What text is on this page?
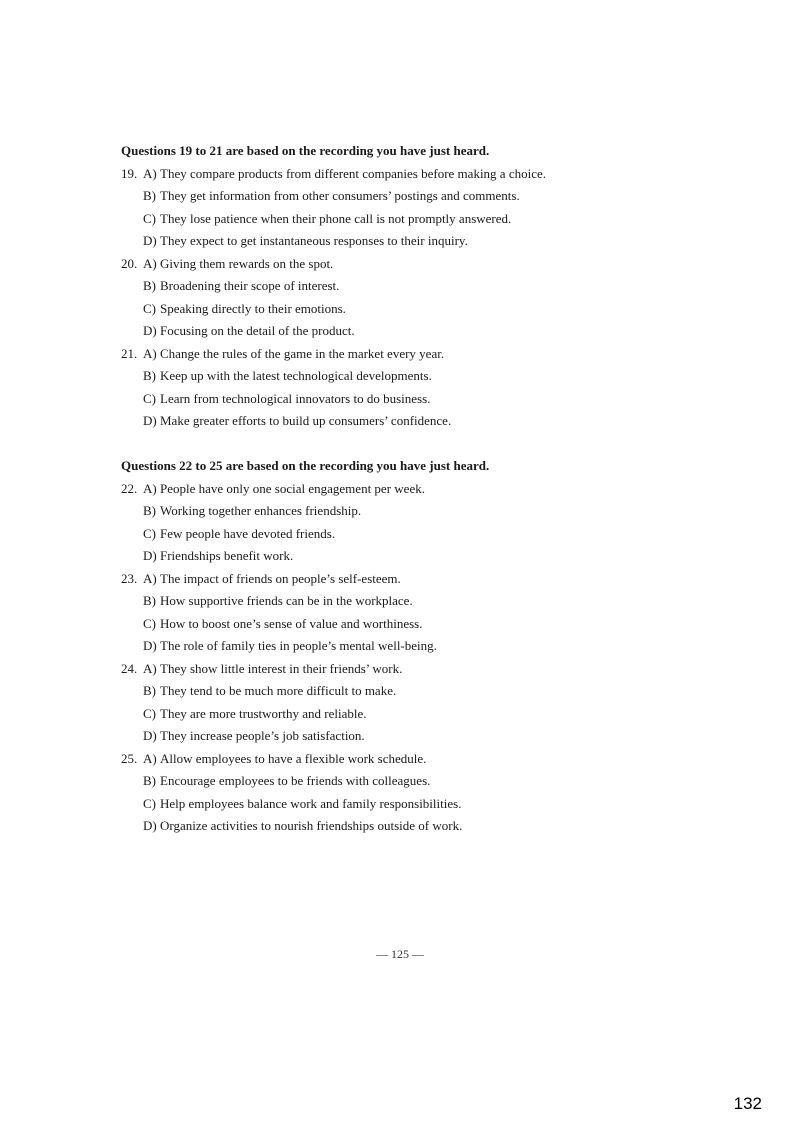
Questions 19 to 21 are based on the recording you have just heard.
19. A) They compare products from different companies before making a choice.
B) They get information from other consumers’ postings and comments.
C) They lose patience when their phone call is not promptly answered.
D) They expect to get instantaneous responses to their inquiry.
20. A) Giving them rewards on the spot.
B) Broadening their scope of interest.
C) Speaking directly to their emotions.
D) Focusing on the detail of the product.
21. A) Change the rules of the game in the market every year.
B) Keep up with the latest technological developments.
C) Learn from technological innovators to do business.
D) Make greater efforts to build up consumers’ confidence.
Questions 22 to 25 are based on the recording you have just heard.
22. A) People have only one social engagement per week.
B) Working together enhances friendship.
C) Few people have devoted friends.
D) Friendships benefit work.
23. A) The impact of friends on people’s self-esteem.
B) How supportive friends can be in the workplace.
C) How to boost one’s sense of value and worthiness.
D) The role of family ties in people’s mental well-being.
24. A) They show little interest in their friends’ work.
B) They tend to be much more difficult to make.
C) They are more trustworthy and reliable.
D) They increase people’s job satisfaction.
25. A) Allow employees to have a flexible work schedule.
B) Encourage employees to be friends with colleagues.
C) Help employees balance work and family responsibilities.
D) Organize activities to nourish friendships outside of work.
— 125 —
132
